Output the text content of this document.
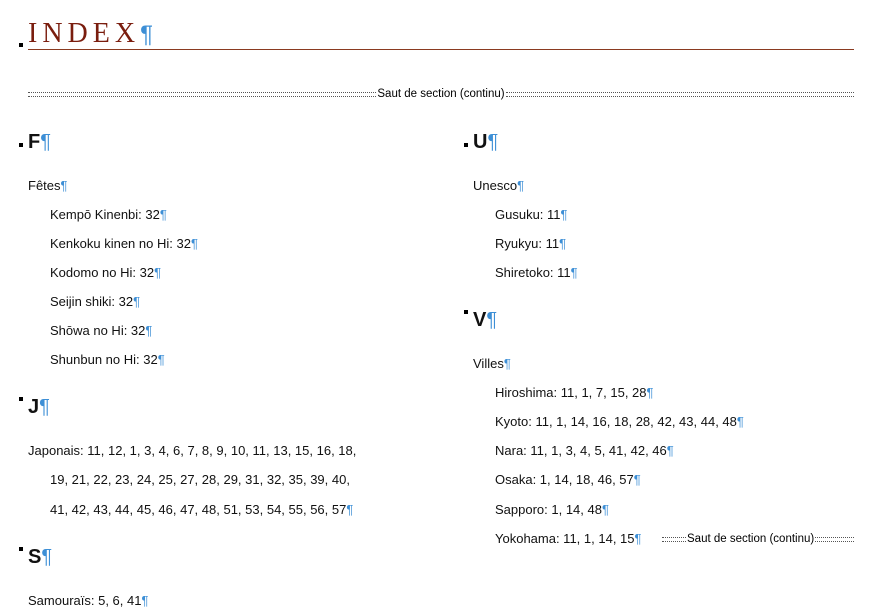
INDEX¶
Saut de section (continu)
F¶
Fêtes¶
Kempō Kinenbi: 32¶
Kenkoku kinen no Hi: 32¶
Kodomo no Hi: 32¶
Seijin shiki: 32¶
Shōwa no Hi: 32¶
Shunbun no Hi: 32¶
J¶
Japonais: 11, 12, 1, 3, 4, 6, 7, 8, 9, 10, 11, 13, 15, 16, 18,
19, 21, 22, 23, 24, 25, 27, 28, 29, 31, 32, 35, 39, 40,
41, 42, 43, 44, 45, 46, 47, 48, 51, 53, 54, 55, 56, 57¶
S¶
Samouraïs: 5, 6, 41¶
U¶
Unesco¶
Gusuku: 11¶
Ryukyu: 11¶
Shiretoko: 11¶
V¶
Villes¶
Hiroshima: 11, 1, 7, 15, 28¶
Kyoto: 11, 1, 14, 16, 18, 28, 42, 43, 44, 48¶
Nara: 11, 1, 3, 4, 5, 41, 42, 46¶
Osaka: 1, 14, 18, 46, 57¶
Sapporo: 1, 14, 48¶
Yokohama: 11, 1, 14, 15¶	Saut de section (continu)
